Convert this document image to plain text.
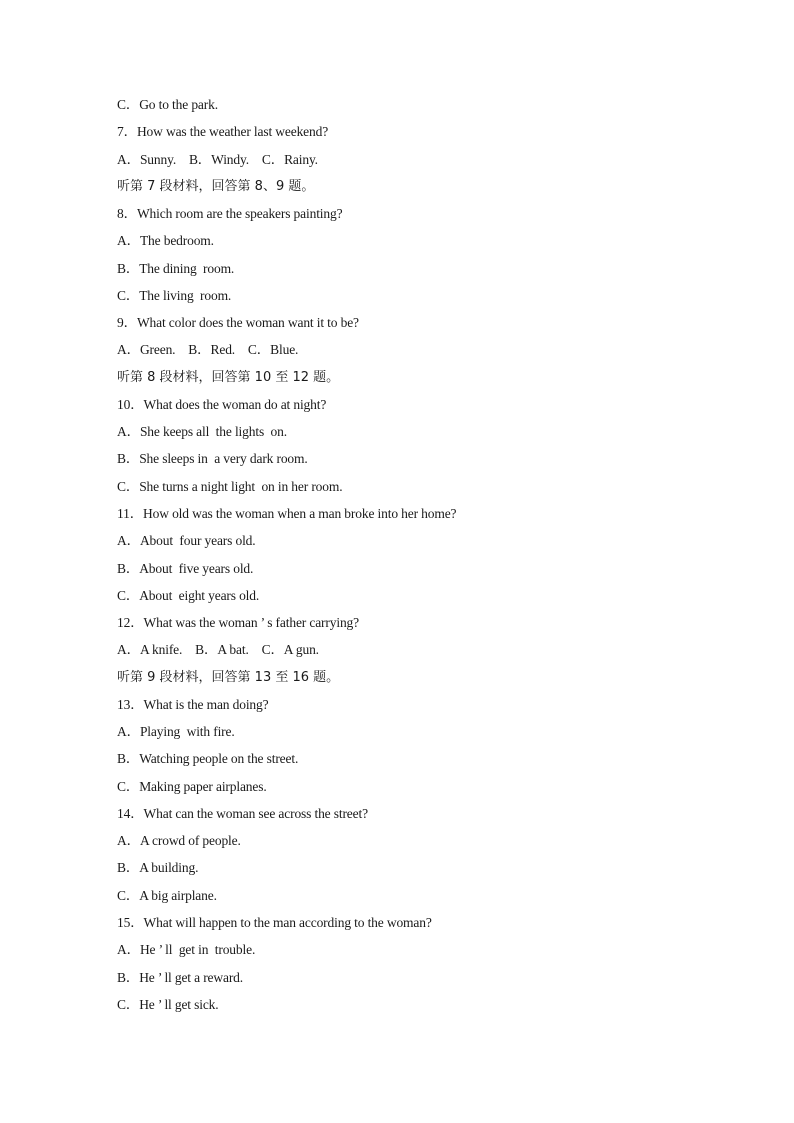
C．Go to the park.
7．How was the weather last weekend?
A．Sunny.    B．Windy.    C．Rainy.
听第 7 段材料，回答第 8、9 题。
8．Which room are the speakers painting?
A．The bedroom.
B．The dining  room.
C．The living  room.
9．What color does the woman want it to be?
A．Green.    B．Red.    C．Blue.
听第 8 段材料，回答第 10 至 12 题。
10．What does the woman do at night?
A．She keeps all  the lights  on.
B．She sleeps in  a very dark room.
C．She turns a night light  on in her room.
11．How old was the woman when a man broke into her home?
A．About  four years old.
B．About  five years old.
C．About  eight years old.
12．What was the woman ’ s father carrying?
A．A knife.    B．A bat.    C．A gun.
听第 9 段材料，回答第 13 至 16 题。
13．What is the man doing?
A．Playing  with fire.
B．Watching people on the street.
C．Making paper airplanes.
14．What can the woman see across the street?
A．A crowd of people.
B．A building.
C．A big airplane.
15．What will happen to the man according to the woman?
A．He ’ ll  get in  trouble.
B．He ’ ll get a reward.
C．He ’ ll get sick.
